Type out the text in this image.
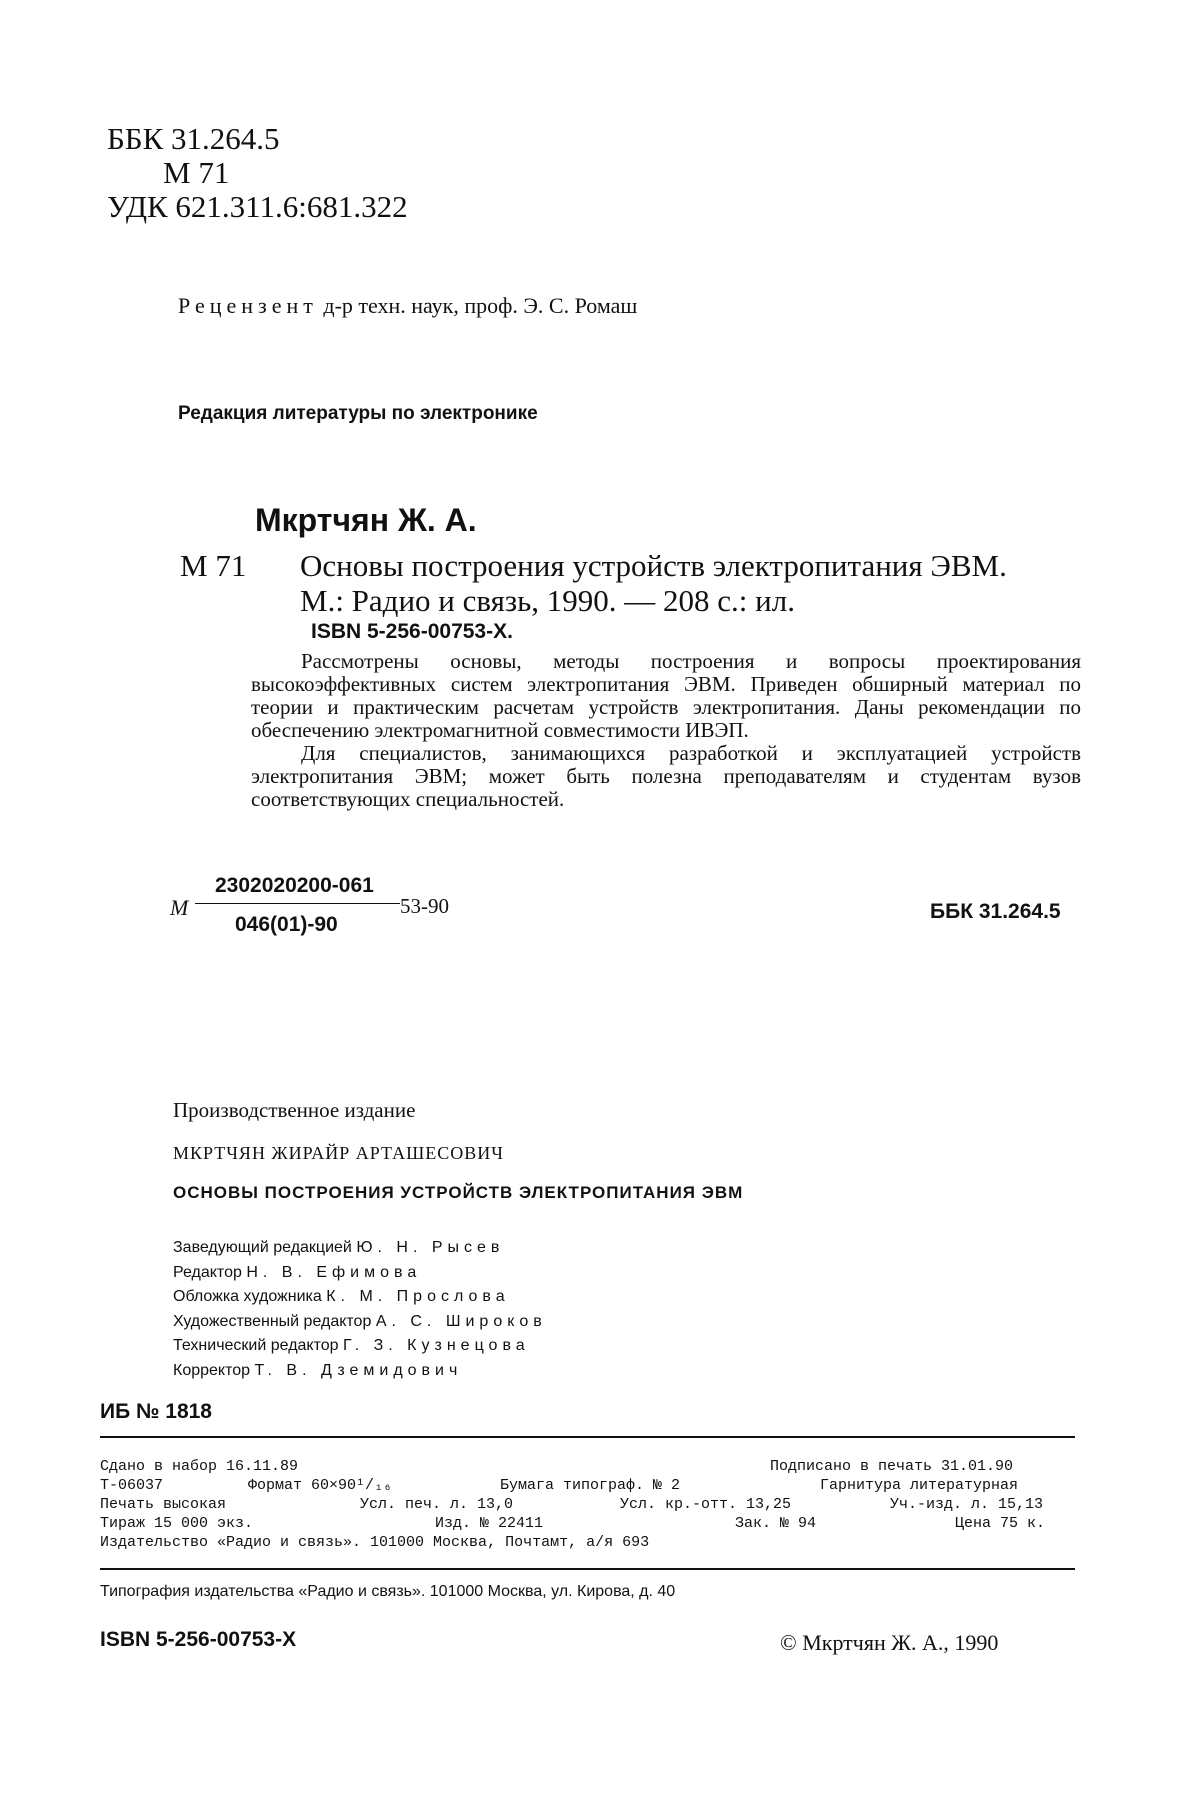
ББК 31.264.5
М 71
УДК 621.311.6:681.322
Рецензент д-р техн. наук, проф. Э. С. Ромаш
Редакция литературы по электронике
Мкртчян Ж. А.
М 71 Основы построения устройств электропитания ЭВМ.
М.: Радио и связь, 1990. — 208 с.: ил.
ISBN 5-256-00753-X.

Рассмотрены основы, методы построения и вопросы проектирования высокоэффективных систем электропитания ЭВМ. Приведен обширный материал по теории и практическим расчетам устройств электропитания. Даны рекомендации по обеспечению электромагнитной совместимости ИВЭП.

Для специалистов, занимающихся разработкой и эксплуатацией устройств электропитания ЭВМ; может быть полезна преподавателям и студентам вузов соответствующих специальностей.

М
2302020200-061
046(01)-90
53-90	ББК 31.264.5
Производственное издание
МКРТЧЯН ЖИРАЙР АРТАШЕСОВИЧ
ОСНОВЫ ПОСТРОЕНИЯ УСТРОЙСТВ ЭЛЕКТРОПИТАНИЯ ЭВМ
Заведующий редакцией Ю. Н. Рысев
Редактор Н. В. Ефимова
Обложка художника К. М. Прослова
Художественный редактор А. С. Широков
Технический редактор Г. З. Кузнецова
Корректор Т. В. Дземидович
ИБ № 1818
Сдано в набор 16.11.89	Подписано в печать 31.01.90
Т-06037	Формат 60×90¹/₁₆	Бумага типограф. № 2	Гарнитура литературная
Печать высокая	Усл. печ. л. 13,0	Усл. кр.-отт. 13,25	Уч.-изд. л. 15,13
Тираж 15 000 экз.	Изд. № 22411	Зак. № 94	Цена 75 к.
Издательство «Радио и связь». 101000 Москва, Почтамт, а/я 693
Типография издательства «Радио и связь». 101000 Москва, ул. Кирова, д. 40
ISBN 5-256-00753-X	© Мкртчян Ж. А., 1990
